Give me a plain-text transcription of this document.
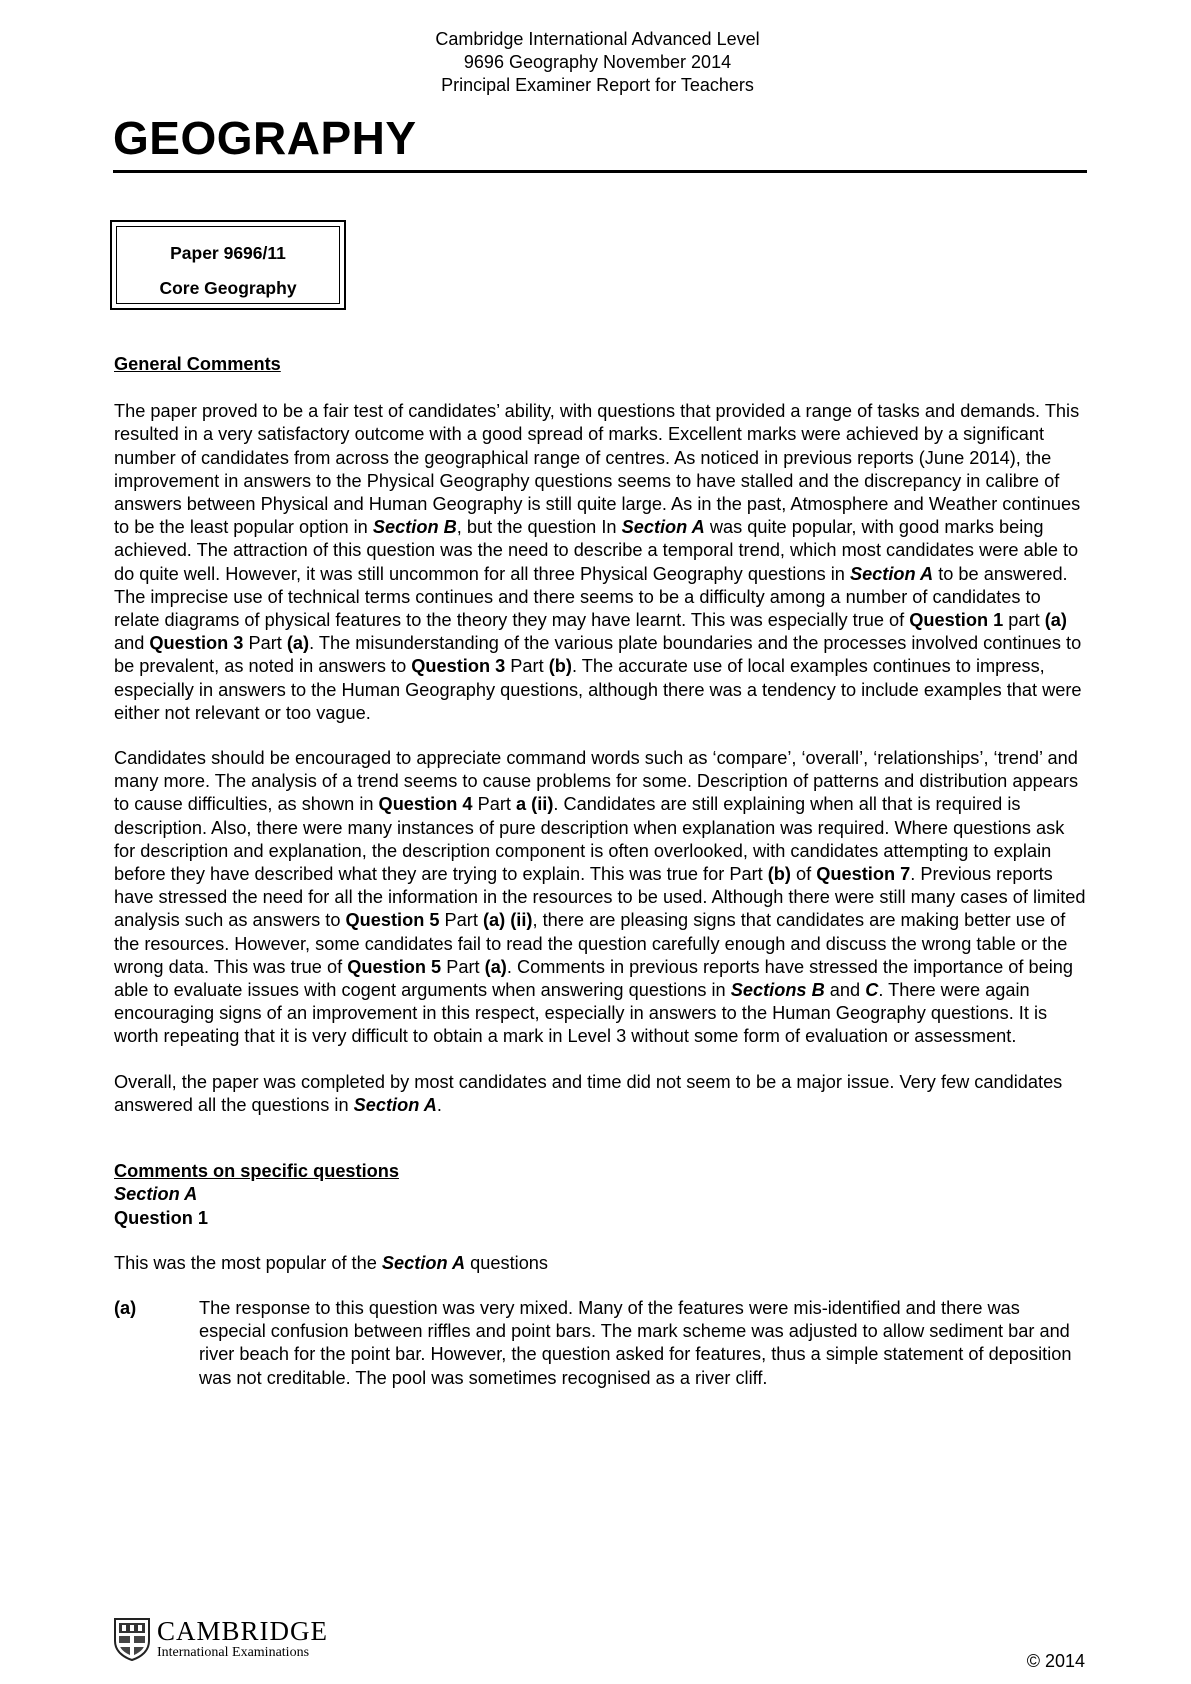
Cambridge International Advanced Level
9696 Geography November 2014
Principal Examiner Report for Teachers
GEOGRAPHY
Paper 9696/11
Core Geography

General Comments

The paper proved to be a fair test of candidates’ ability, with questions that provided a range of tasks and demands. This resulted in a very satisfactory outcome with a good spread of marks. Excellent marks were achieved by a significant number of candidates from across the geographical range of centres. As noticed in previous reports (June 2014), the improvement in answers to the Physical Geography questions seems to have stalled and the discrepancy in calibre of answers between Physical and Human Geography is still quite large. As in the past, Atmosphere and Weather continues to be the least popular option in Section B, but the question In Section A was quite popular, with good marks being achieved. The attraction of this question was the need to describe a temporal trend, which most candidates were able to do quite well. However, it was still uncommon for all three Physical Geography questions in Section A to be answered. The imprecise use of technical terms continues and there seems to be a difficulty among a number of candidates to relate diagrams of physical features to the theory they may have learnt. This was especially true of Question 1 part (a) and Question 3 Part (a). The misunderstanding of the various plate boundaries and the processes involved continues to be prevalent, as noted in answers to Question 3 Part (b). The accurate use of local examples continues to impress, especially in answers to the Human Geography questions, although there was a tendency to include examples that were either not relevant or too vague.

Candidates should be encouraged to appreciate command words such as ‘compare’, ‘overall’, ‘relationships’, ‘trend’ and many more. The analysis of a trend seems to cause problems for some. Description of patterns and distribution appears to cause difficulties, as shown in Question 4 Part a (ii). Candidates are still explaining when all that is required is description. Also, there were many instances of pure description when explanation was required. Where questions ask for description and explanation, the description component is often overlooked, with candidates attempting to explain before they have described what they are trying to explain. This was true for Part (b) of Question 7. Previous reports have stressed the need for all the information in the resources to be used. Although there were still many cases of limited analysis such as answers to Question 5 Part (a) (ii), there are pleasing signs that candidates are making better use of the resources. However, some candidates fail to read the question carefully enough and discuss the wrong table or the wrong data. This was true of Question 5 Part (a). Comments in previous reports have stressed the importance of being able to evaluate issues with cogent arguments when answering questions in Sections B and C. There were again encouraging signs of an improvement in this respect, especially in answers to the Human Geography questions. It is worth repeating that it is very difficult to obtain a mark in Level 3 without some form of evaluation or assessment.

Overall, the paper was completed by most candidates and time did not seem to be a major issue. Very few candidates answered all the questions in Section A.

Comments on specific questions

Section A

Question 1

This was the most popular of the Section A questions

(a)	The response to this question was very mixed. Many of the features were mis-identified and there was especial confusion between riffles and point bars. The mark scheme was adjusted to allow sediment bar and river beach for the point bar. However, the question asked for features, thus a simple statement of deposition was not creditable. The pool was sometimes recognised as a river cliff.
CAMBRIDGE
International Examinations	© 2014
